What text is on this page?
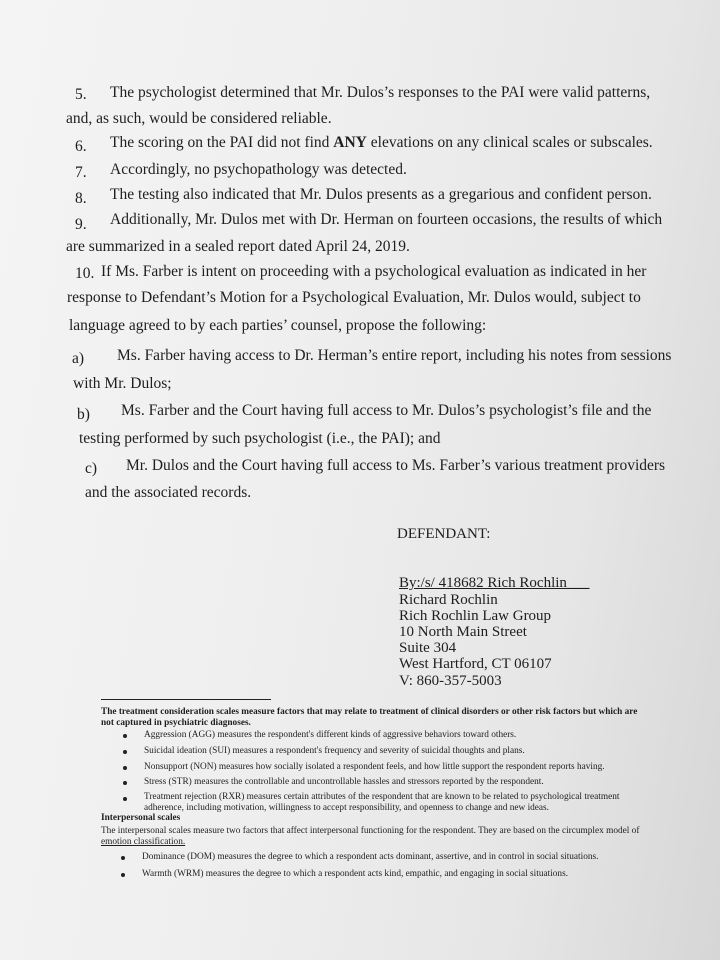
5. The psychologist determined that Mr. Dulos’s responses to the PAI were valid patterns,
and, as such, would be considered reliable.
6. The scoring on the PAI did not find ANY elevations on any clinical scales or subscales.
7. Accordingly, no psychopathology was detected.
8. The testing also indicated that Mr. Dulos presents as a gregarious and confident person.
9. Additionally, Mr. Dulos met with Dr. Herman on fourteen occasions, the results of which
are summarized in a sealed report dated April 24, 2019.
10. If Ms. Farber is intent on proceeding with a psychological evaluation as indicated in her
response to Defendant’s Motion for a Psychological Evaluation, Mr. Dulos would, subject to
language agreed to by each parties’ counsel, propose the following:
a) Ms. Farber having access to Dr. Herman’s entire report, including his notes from sessions
with Mr. Dulos;
b) Ms. Farber and the Court having full access to Mr. Dulos’s psychologist’s file and the
testing performed by such psychologist (i.e., the PAI); and
c) Mr. Dulos and the Court having full access to Ms. Farber’s various treatment providers
and the associated records.
DEFENDANT:
By:/s/ 418682 Rich Rochlin___
Richard Rochlin
Rich Rochlin Law Group
10 North Main Street
Suite 304
West Hartford, CT 06107
V: 860-357-5003
The treatment consideration scales measure factors that may relate to treatment of clinical disorders or other risk factors but which are
not captured in psychiatric diagnoses.
Aggression (AGG) measures the respondent's different kinds of aggressive behaviors toward others.
Suicidal ideation (SUI) measures a respondent's frequency and severity of suicidal thoughts and plans.
Nonsupport (NON) measures how socially isolated a respondent feels, and how little support the respondent reports having.
Stress (STR) measures the controllable and uncontrollable hassles and stressors reported by the respondent.
Treatment rejection (RXR) measures certain attributes of the respondent that are known to be related to psychological treatment
adherence, including motivation, willingness to accept responsibility, and openness to change and new ideas.
Interpersonal scales
The interpersonal scales measure two factors that affect interpersonal functioning for the respondent. They are based on the circumplex model of
emotion classification.
Dominance (DOM) measures the degree to which a respondent acts dominant, assertive, and in control in social situations.
Warmth (WRM) measures the degree to which a respondent acts kind, empathic, and engaging in social situations.
